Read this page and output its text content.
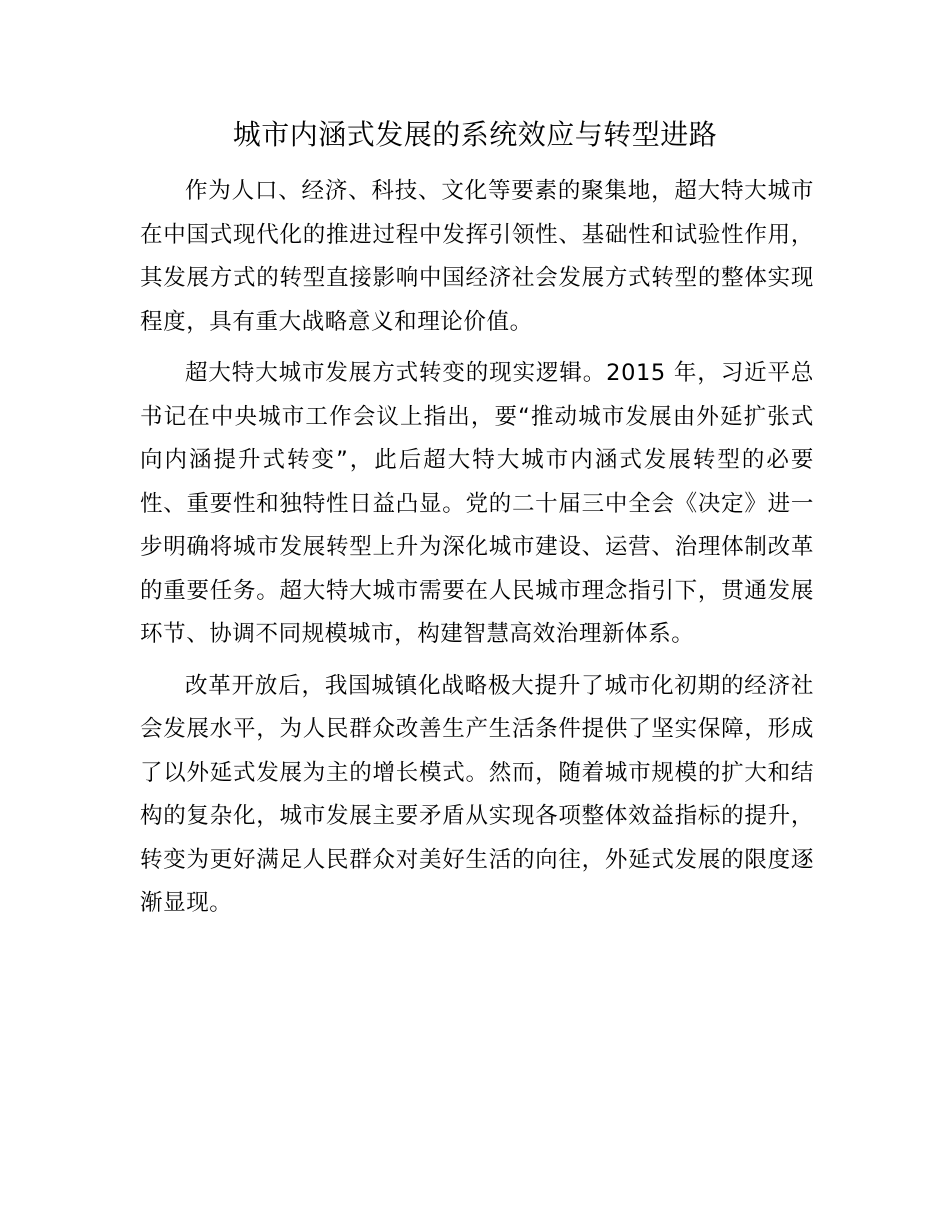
城市内涵式发展的系统效应与转型进路

作为人口、经济、科技、文化等要素的聚集地，超大特大城市在中国式现代化的推进过程中发挥引领性、基础性和试验性作用，其发展方式的转型直接影响中国经济社会发展方式转型的整体实现程度，具有重大战略意义和理论价值。

超大特大城市发展方式转变的现实逻辑。2015 年，习近平总书记在中央城市工作会议上指出，要“推动城市发展由外延扩张式向内涵提升式转变”，此后超大特大城市内涵式发展转型的必要性、重要性和独特性日益凸显。党的二十届三中全会《决定》进一步明确将城市发展转型上升为深化城市建设、运营、治理体制改革的重要任务。超大特大城市需要在人民城市理念指引下，贯通发展环节、协调不同规模城市，构建智慧高效治理新体系。

改革开放后，我国城镇化战略极大提升了城市化初期的经济社会发展水平，为人民群众改善生产生活条件提供了坚实保障，形成了以外延式发展为主的增长模式。然而，随着城市规模的扩大和结构的复杂化，城市发展主要矛盾从实现各项整体效益指标的提升，转变为更好满足人民群众对美好生活的向往，外延式发展的限度逐渐显现。
